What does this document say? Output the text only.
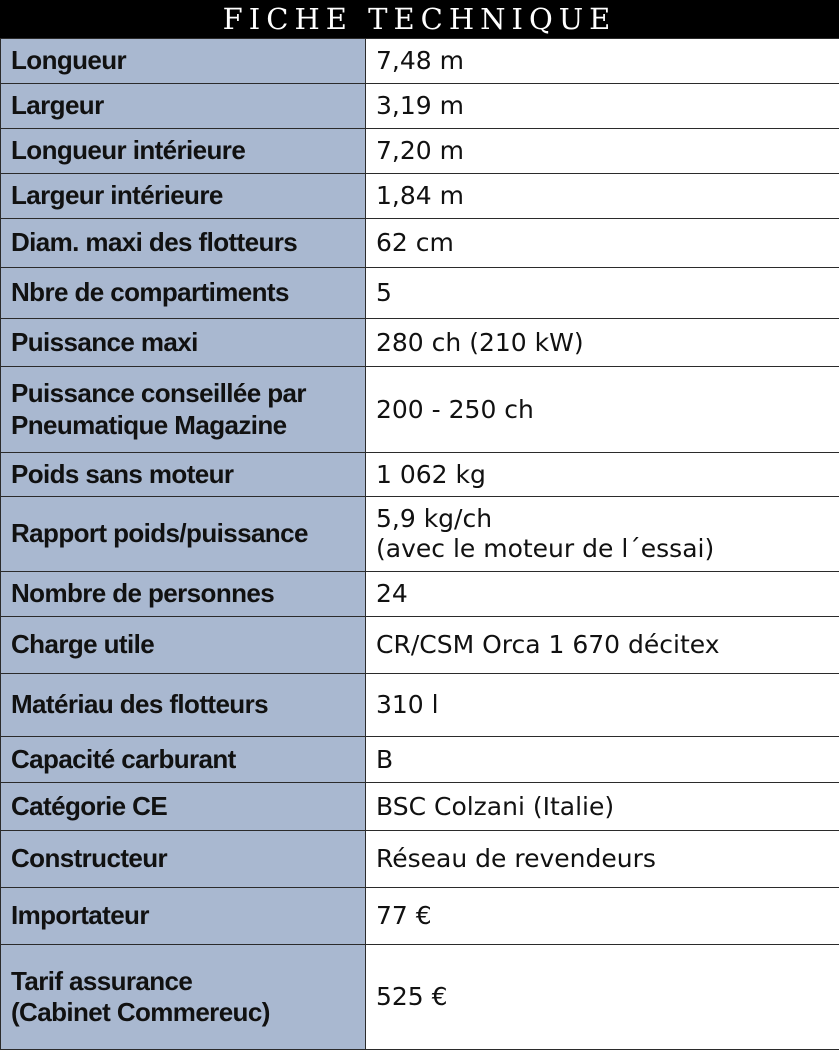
FICHE TECHNIQUE
Longueur	7,48 m

Largeur	3,19 m

Longueur intérieure	7,20 m

Largeur intérieure	1,84 m

Diam. maxi des flotteurs	62 cm

Nbre de compartiments	5

Puissance maxi	280 ch (210 kW)

Puissance conseillée par
Pneumatique Magazine	200 - 250 ch

Poids sans moteur	1 062 kg

Rapport poids/puissance	5,9 kg/ch
(avec le moteur de l´essai)

Nombre de personnes	24

Charge utile	CR/CSM Orca 1 670 décitex

Matériau des flotteurs	310 l

Capacité carburant	B

Catégorie CE	BSC Colzani (Italie)

Constructeur	Réseau de revendeurs

Importateur	77 €

Tarif assurance
(Cabinet Commereuc)	525 €
